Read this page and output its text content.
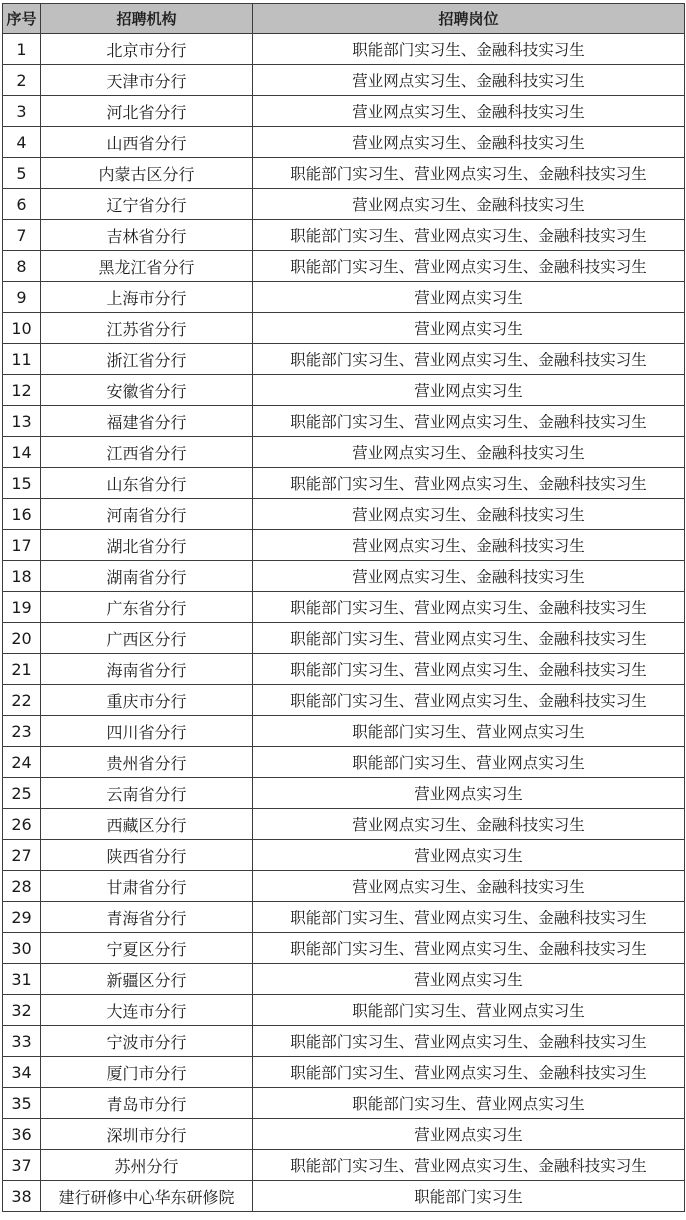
序号	招聘机构	招聘岗位
1	北京市分行	职能部门实习生、金融科技实习生
2	天津市分行	营业网点实习生、金融科技实习生
3	河北省分行	营业网点实习生、金融科技实习生
4	山西省分行	营业网点实习生、金融科技实习生
5	内蒙古区分行	职能部门实习生、营业网点实习生、金融科技实习生
6	辽宁省分行	营业网点实习生、金融科技实习生
7	吉林省分行	职能部门实习生、营业网点实习生、金融科技实习生
8	黑龙江省分行	职能部门实习生、营业网点实习生、金融科技实习生
9	上海市分行	营业网点实习生
10	江苏省分行	营业网点实习生
11	浙江省分行	职能部门实习生、营业网点实习生、金融科技实习生
12	安徽省分行	营业网点实习生
13	福建省分行	职能部门实习生、营业网点实习生、金融科技实习生
14	江西省分行	营业网点实习生、金融科技实习生
15	山东省分行	职能部门实习生、营业网点实习生、金融科技实习生
16	河南省分行	营业网点实习生、金融科技实习生
17	湖北省分行	营业网点实习生、金融科技实习生
18	湖南省分行	营业网点实习生、金融科技实习生
19	广东省分行	职能部门实习生、营业网点实习生、金融科技实习生
20	广西区分行	职能部门实习生、营业网点实习生、金融科技实习生
21	海南省分行	职能部门实习生、营业网点实习生、金融科技实习生
22	重庆市分行	职能部门实习生、营业网点实习生、金融科技实习生
23	四川省分行	职能部门实习生、营业网点实习生
24	贵州省分行	职能部门实习生、营业网点实习生
25	云南省分行	营业网点实习生
26	西藏区分行	营业网点实习生、金融科技实习生
27	陕西省分行	营业网点实习生
28	甘肃省分行	营业网点实习生、金融科技实习生
29	青海省分行	职能部门实习生、营业网点实习生、金融科技实习生
30	宁夏区分行	职能部门实习生、营业网点实习生、金融科技实习生
31	新疆区分行	营业网点实习生
32	大连市分行	职能部门实习生、营业网点实习生
33	宁波市分行	职能部门实习生、营业网点实习生、金融科技实习生
34	厦门市分行	职能部门实习生、营业网点实习生、金融科技实习生
35	青岛市分行	职能部门实习生、营业网点实习生
36	深圳市分行	营业网点实习生
37	苏州分行	职能部门实习生、营业网点实习生、金融科技实习生
38	建行研修中心华东研修院	职能部门实习生
